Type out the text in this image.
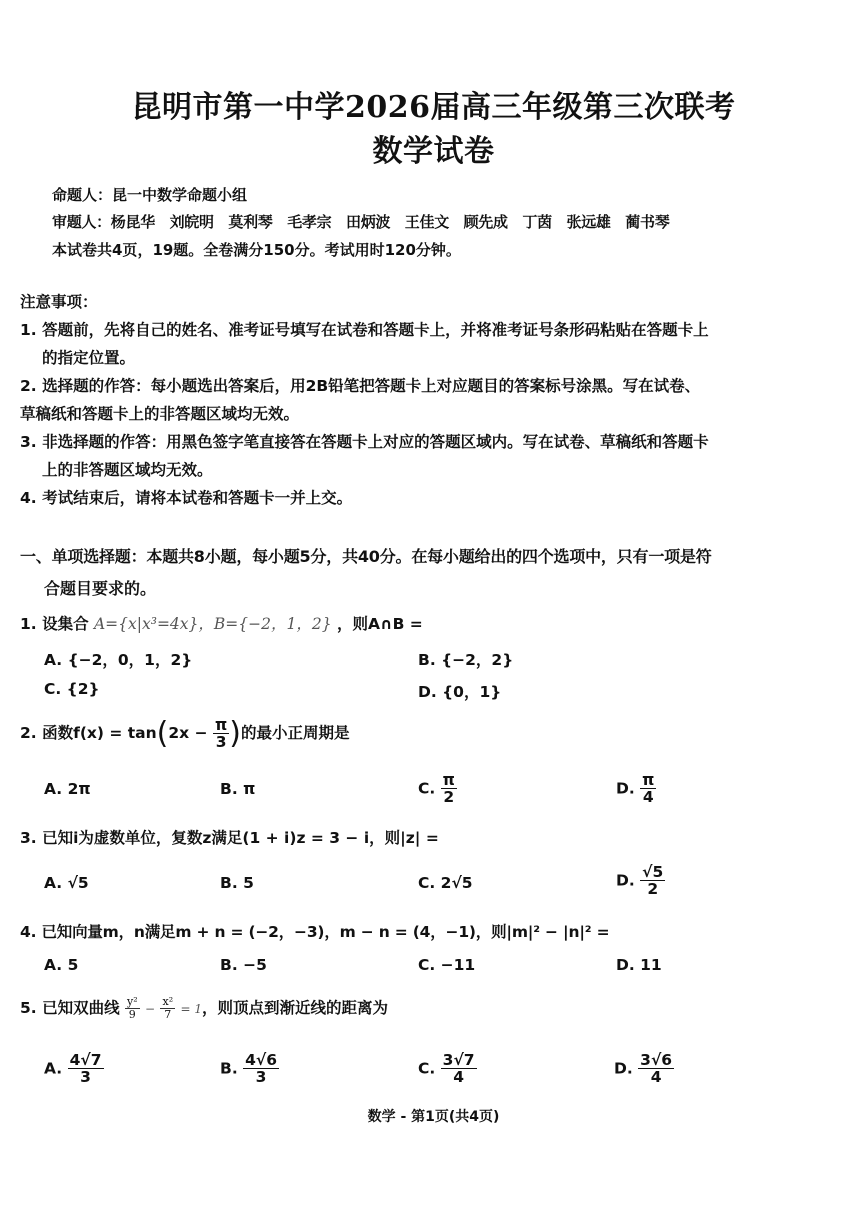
昆明市第一中学2026届高三年级第三次联考
数学试卷
命题人：昆一中数学命题小组
审题人：杨昆华　刘皖明　莫利琴　毛孝宗　田炳波　王佳文　顾先成　丁茵　张远雄　蔺书琴
本试卷共4页，19题。全卷满分150分。考试用时120分钟。
注意事项：
1. 答题前，先将自己的姓名、准考证号填写在试卷和答题卡上，并将准考证号条形码粘贴在答题卡上
的指定位置。
2. 选择题的作答：每小题选出答案后，用2B铅笔把答题卡上对应题目的答案标号涂黑。写在试卷、
草稿纸和答题卡上的非答题区域均无效。
3. 非选择题的作答：用黑色签字笔直接答在答题卡上对应的答题区域内。写在试卷、草稿纸和答题卡
上的非答题区域均无效。
4. 考试结束后，请将本试卷和答题卡一并上交。
一、单项选择题：本题共8小题，每小题5分，共40分。在每小题给出的四个选项中，只有一项是符
合题目要求的。
1. 设集合 A={x|x³=4x}，B={−2，1，2} ，则A∩B =
A. {−2，0，1，2}	B. {−2，2}
C. {2}	D. {0，1}
2. 函数$f(x) = \tan(2x - \frac{\pi}{3}$ )的最小正周期是
A. 2π	B. π	C. $\frac{\pi}{2}$	D. $\frac{\pi}{4}$
3. 已知i为虚数单位，复数z满足(1 + i)z = 3 − i，则|z| =
A. √5	B. 5	C. 2√5	D. $\frac{√5}{2}$
4. 已知向量m，n满足m + n = (−2，−3)，m − n = (4，−1)，则|m|² − |n|² =
A. 5	B. −5	C. −11	D. 11
5. 已知双曲线 $\frac{\text{y²}}{9} - \frac{\text{x²}}{7} = 1$，则顶点到渐近线的距离为
A. $\frac{4√7}{3}$	B. $\frac{4√6}{3}$	C. $\frac{3√7}{4}$	D. $\frac{3√6}{4}$
数学 - 第1页(共4页)
